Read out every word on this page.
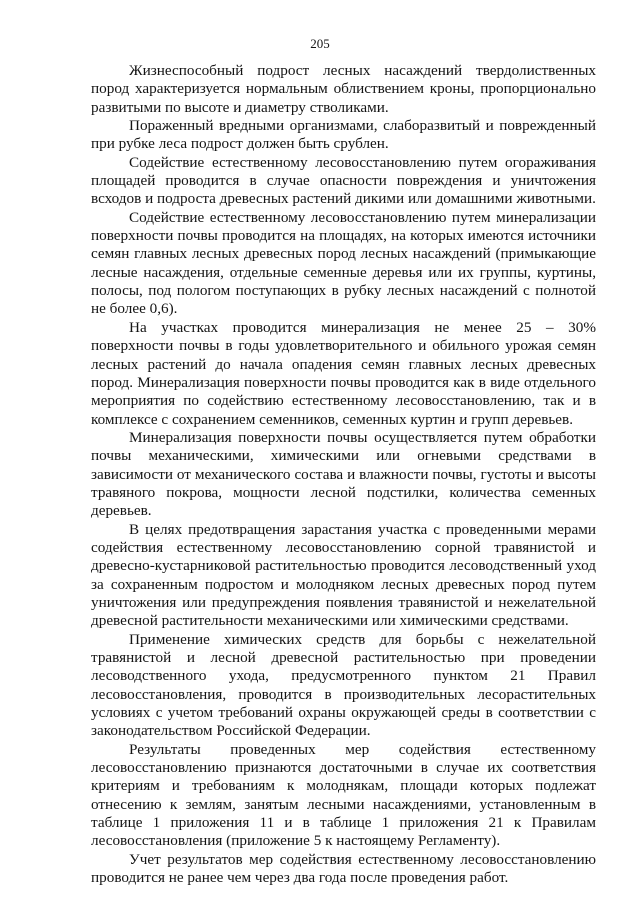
205

Жизнеспособный подрост лесных насаждений твердолиственных пород характеризуется нормальным облиствением кроны, пропорционально развитыми по высоте и диаметру стволиками.

Пораженный вредными организмами, слаборазвитый и поврежденный при рубке леса подрост должен быть срублен.

Содействие естественному лесовосстановлению путем огораживания площадей проводится в случае опасности повреждения и уничтожения всходов и подроста древесных растений дикими или домашними животными.

Содействие естественному лесовосстановлению путем минерализации поверхности почвы проводится на площадях, на которых имеются источники семян главных лесных древесных пород лесных насаждений (примыкающие лесные насаждения, отдельные семенные деревья или их группы, куртины, полосы, под пологом поступающих в рубку лесных насаждений с полнотой не более 0,6).

На участках проводится минерализация не менее 25 – 30% поверхности почвы в годы удовлетворительного и обильного урожая семян лесных растений до начала опадения семян главных лесных древесных пород. Минерализация поверхности почвы проводится как в виде отдельного мероприятия по содействию естественному лесовосстановлению, так и в комплексе с сохранением семенников, семенных куртин и групп деревьев.

Минерализация поверхности почвы осуществляется путем обработки почвы механическими, химическими или огневыми средствами в зависимости от механического состава и влажности почвы, густоты и высоты травяного покрова, мощности лесной подстилки, количества семенных деревьев.

В целях предотвращения зарастания участка с проведенными мерами содействия естественному лесовосстановлению сорной травянистой и древесно-кустарниковой растительностью проводится лесоводственный уход за сохраненным подростом и молодняком лесных древесных пород путем уничтожения или предупреждения появления травянистой и нежелательной древесной растительности механическими или химическими средствами.

Применение химических средств для борьбы с нежелательной травянистой и лесной древесной растительностью при проведении лесоводственного ухода, предусмотренного пунктом 21 Правил лесовосстановления, проводится в производительных лесорастительных условиях с учетом требований охраны окружающей среды в соответствии с законодательством Российской Федерации.

Результаты проведенных мер содействия естественному лесовосстановлению признаются достаточными в случае их соответствия критериям и требованиям к молоднякам, площади которых подлежат отнесению к землям, занятым лесными насаждениями, установленным в таблице 1 приложения 11 и в таблице 1 приложения 21 к Правилам лесовосстановления (приложение 5 к настоящему Регламенту).

Учет результатов мер содействия естественному лесовосстановлению проводится не ранее чем через два года после проведения работ.
